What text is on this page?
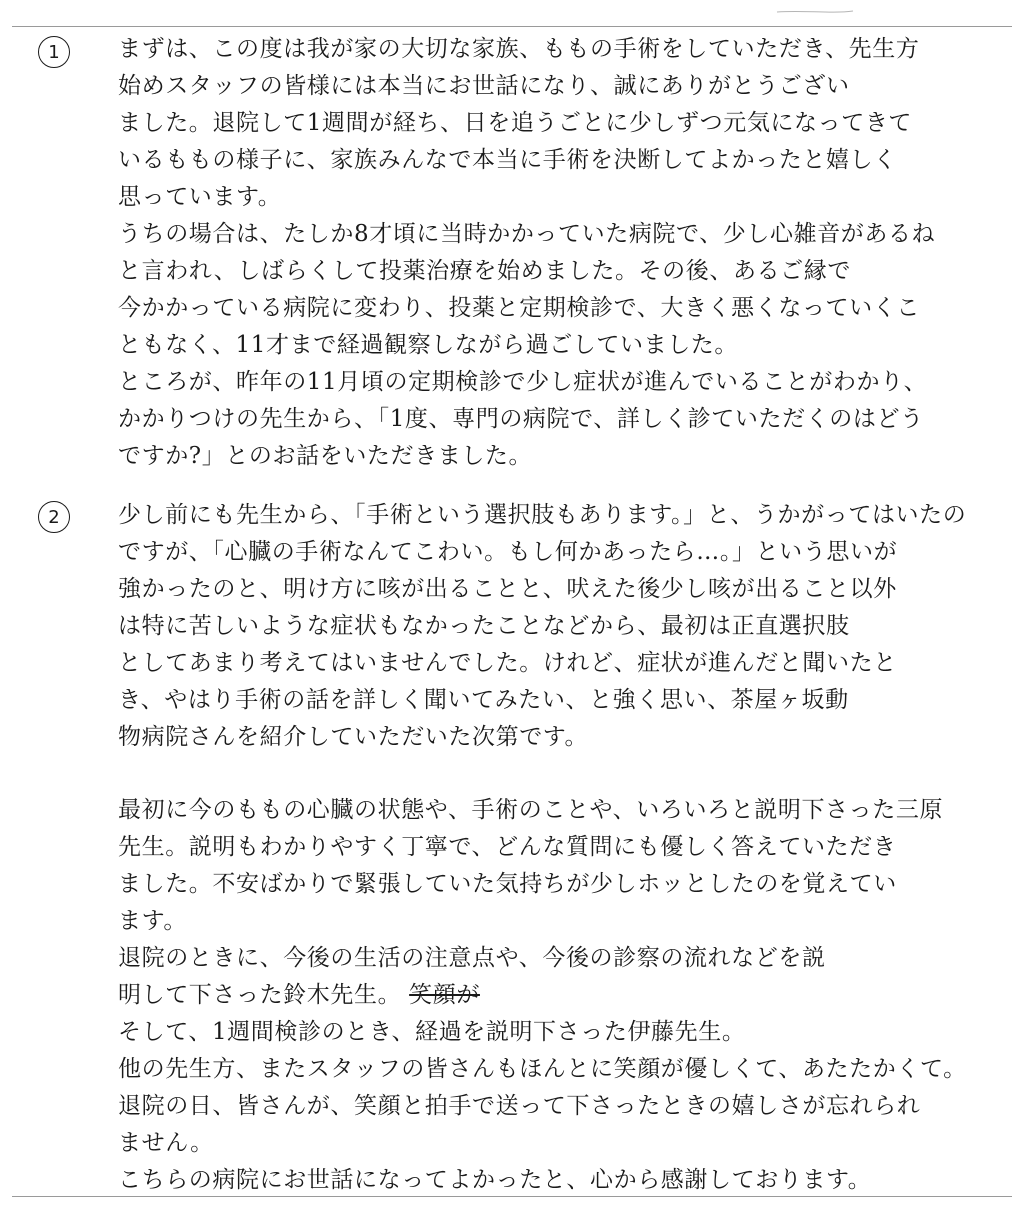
1	まずは、この度は我が家の大切な家族、ももの手術をしていただき、先生方
始めスタッフの皆様には本当にお世話になり、誠にありがとうござい
ました。退院して1週間が経ち、日を追うごとに少しずつ元気になってきて
いるももの様子に、家族みんなで本当に手術を決断してよかったと嬉しく
思っています。
うちの場合は、たしか8才頃に当時かかっていた病院で、少し心雑音があるね
と言われ、しばらくして投薬治療を始めました。その後、あるご縁で
今かかっている病院に変わり、投薬と定期検診で、大きく悪くなっていくこ
ともなく、11才まで経過観察しながら過ごしていました。
ところが、昨年の11月頃の定期検診で少し症状が進んでいることがわかり、
かかりつけの先生から、「1度、専門の病院で、詳しく診ていただくのはどう
ですか?」とのお話をいただきました。
2	少し前にも先生から、「手術という選択肢もあります。」と、うかがってはいたの
ですが、「心臓の手術なんてこわい。もし何かあったら…。」という思いが
強かったのと、明け方に咳が出ることと、吠えた後少し咳が出ること以外
は特に苦しいような症状もなかったことなどから、最初は正直選択肢
としてあまり考えてはいませんでした。けれど、症状が進んだと聞いたと
き、やはり手術の話を詳しく聞いてみたい、と強く思い、茶屋ヶ坂動
物病院さんを紹介していただいた次第です。
最初に今のももの心臓の状態や、手術のことや、いろいろと説明下さった三原
先生。説明もわかりやすく丁寧で、どんな質問にも優しく答えていただき
ました。不安ばかりで緊張していた気持ちが少しホッとしたのを覚えてい
ます。
退院のときに、今後の生活の注意点や、今後の診察の流れなどを説
明して下さった鈴木先生。 笑顔が
そして、1週間検診のとき、経過を説明下さった伊藤先生。
他の先生方、またスタッフの皆さんもほんとに笑顔が優しくて、あたたかくて。
退院の日、皆さんが、笑顔と拍手で送って下さったときの嬉しさが忘れられ
ません。
こちらの病院にお世話になってよかったと、心から感謝しております。
